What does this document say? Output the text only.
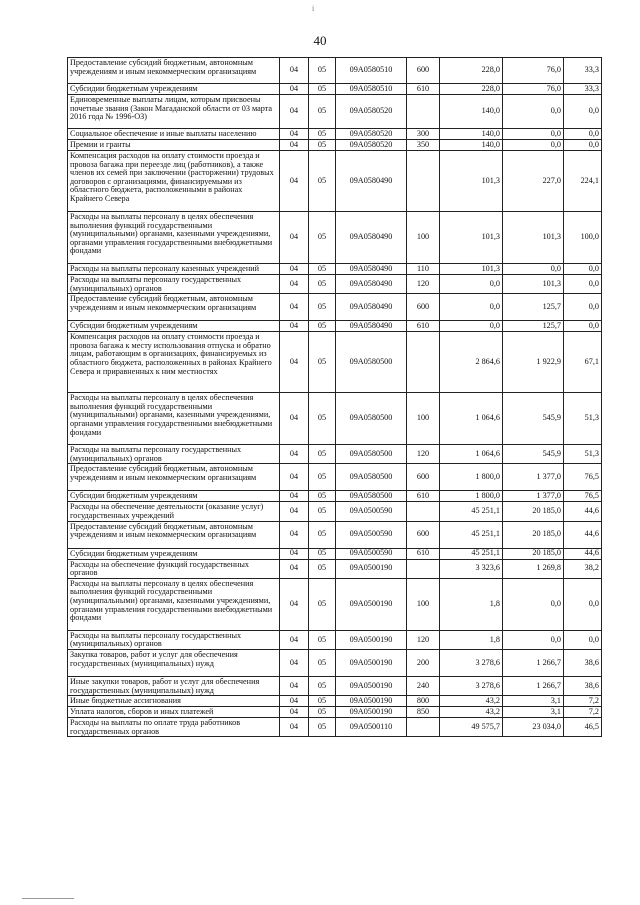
i
40
Предоставление субсидий бюджетным, автономным учреждениям и иным некоммерческим организациям	04	05	09А0580510	600	228,0	76,0	33,3
Субсидии бюджетным учреждениям	04	05	09А0580510	610	228,0	76,0	33,3
Единовременные выплаты лицам, которым присвоены почетные звания (Закон Магаданской области от 03 марта 2016 года № 1996-ОЗ)	04	05	09А0580520		140,0	0,0	0,0
Социальное обеспечение и иные выплаты населению	04	05	09А0580520	300	140,0	0,0	0,0
Премии и гранты	04	05	09А0580520	350	140,0	0,0	0,0
Компенсация расходов на оплату стоимости проезда и провоза багажа при переезде лиц (работников), а также членов их семей при заключении (расторжении) трудовых договоров с организациями, финансируемыми из областного бюджета, расположенными в районах Крайнего Севера	04	05	09А0580490		101,3	227,0	224,1
Расходы на выплаты персоналу в целях обеспечения выполнения функций государственными (муниципальными) органами, казенными учреждениями, органами управления государственными внебюджетными фондами	04	05	09А0580490	100	101,3	101,3	100,0
Расходы на выплаты персоналу казенных учреждений	04	05	09А0580490	110	101,3	0,0	0,0
Расходы на выплаты персоналу государственных (муниципальных) органов	04	05	09А0580490	120	0,0	101,3	0,0
Предоставление субсидий бюджетным, автономным учреждениям и иным некоммерческим организациям	04	05	09А0580490	600	0,0	125,7	0,0
Субсидии бюджетным учреждениям	04	05	09А0580490	610	0,0	125,7	0,0
Компенсация расходов на оплату стоимости проезда и провоза багажа к месту использования отпуска и обратно лицам, работающим в организациях, финансируемых из областного бюджета, расположенных в районах Крайнего Севера и приравненных к ним местностях	04	05	09А0580500		2 864,6	1 922,9	67,1
Расходы на выплаты персоналу в целях обеспечения выполнения функций государственными (муниципальными) органами, казенными учреждениями, органами управления государственными внебюджетными фондами	04	05	09А0580500	100	1 064,6	545,9	51,3
Расходы на выплаты персоналу государственных (муниципальных) органов	04	05	09А0580500	120	1 064,6	545,9	51,3
Предоставление субсидий бюджетным, автономным учреждениям и иным некоммерческим организациям	04	05	09А0580500	600	1 800,0	1 377,0	76,5
Субсидии бюджетным учреждениям	04	05	09А0580500	610	1 800,0	1 377,0	76,5
Расходы на обеспечение деятельности (оказание услуг) государственных учреждений	04	05	09А0500590		45 251,1	20 185,0	44,6
Предоставление субсидий бюджетным, автономным учреждениям и иным некоммерческим организациям	04	05	09А0500590	600	45 251,1	20 185,0	44,6
Субсидии бюджетным учреждениям	04	05	09А0500590	610	45 251,1	20 185,0	44,6
Расходы на обеспечение функций государственных органов	04	05	09А0500190		3 323,6	1 269,8	38,2
Расходы на выплаты персоналу в целях обеспечения выполнения функций государственными (муниципальными) органами, казенными учреждениями, органами управления государственными внебюджетными фондами	04	05	09А0500190	100	1,8	0,0	0,0
Расходы на выплаты персоналу государственных (муниципальных) органов	04	05	09А0500190	120	1,8	0,0	0,0
Закупка товаров, работ и услуг для обеспечения государственных (муниципальных) нужд	04	05	09А0500190	200	3 278,6	1 266,7	38,6
Иные закупки товаров, работ и услуг для обеспечения государственных (муниципальных) нужд	04	05	09А0500190	240	3 278,6	1 266,7	38,6
Иные бюджетные ассигнования	04	05	09А0500190	800	43,2	3,1	7,2
Уплата налогов, сборов и иных платежей	04	05	09А0500190	850	43,2	3,1	7,2
Расходы на выплаты по оплате труда работников государственных органов	04	05	09А0500110		49 575,7	23 034,0	46,5
